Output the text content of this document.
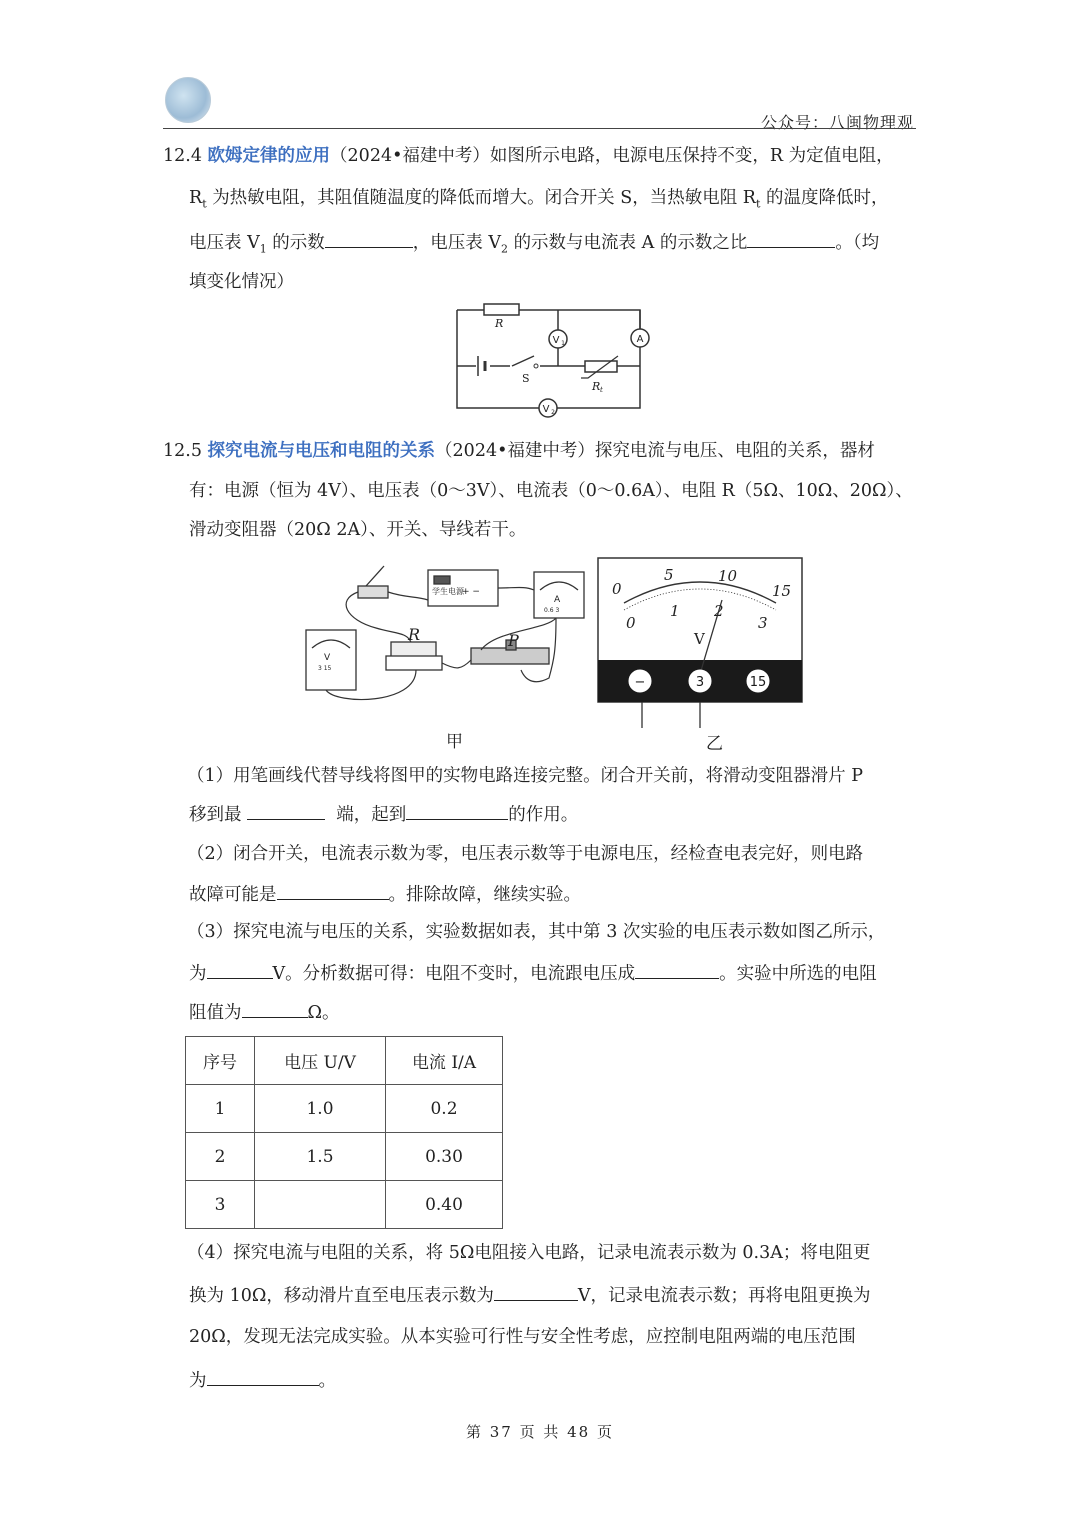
公众号：八闽物理观
12.4 欧姆定律的应用（2024•福建中考）如图所示电路，电源电压保持不变，R 为定值电阻，
$R_t$ 为热敏电阻，其阻值随温度的降低而增大。闭合开关 S，当热敏电阻 $R_t$ 的温度降低时，
电压表 $V_1$ 的示数	，电压表 $V_2$ 的示数与电流表 A 的示数之比	。（均
填变化情况）
R
S
R t
V 1	A
V 2
12.5 探究电流与电压和电阻的关系（2024•福建中考）探究电流与电压、电阻的关系，器材
有：电源（恒为 4V）、电压表（0～3V）、电流表（0～0.6A）、电阻 R（5Ω、10Ω、20Ω）、
滑动变阻器（20Ω 2A）、开关、导线若干。
学生电源
+ −
V
3 15
A
0.6 3
R	P
甲
0
5	10
15
0
1 2
3
V
−	3	15
乙
（1）用笔画线代替导线将图甲的实物电路连接完整。闭合开关前，将滑动变阻器滑片 P
移到最	端，起到	的作用。
（2）闭合开关，电流表示数为零，电压表示数等于电源电压，经检查电表完好，则电路
故障可能是	。排除故障，继续实验。
（3）探究电流与电压的关系，实验数据如表，其中第 3 次实验的电压表示数如图乙所示，
为	V。分析数据可得：电阻不变时，电流跟电压成	。实验中所选的电阻
阻值为	Ω。
序号	电压 U/V	电流 I/A
1	1.0	0.2
2	1.5	0.30
3		0.40
（4）探究电流与电阻的关系，将 5Ω电阻接入电路，记录电流表示数为 0.3A；将电阻更
换为 10Ω，移动滑片直至电压表示数为	V，记录电流表示数；再将电阻更换为
20Ω，发现无法完成实验。从本实验可行性与安全性考虑，应控制电阻两端的电压范围
为	。
第 37 页 共 48 页
